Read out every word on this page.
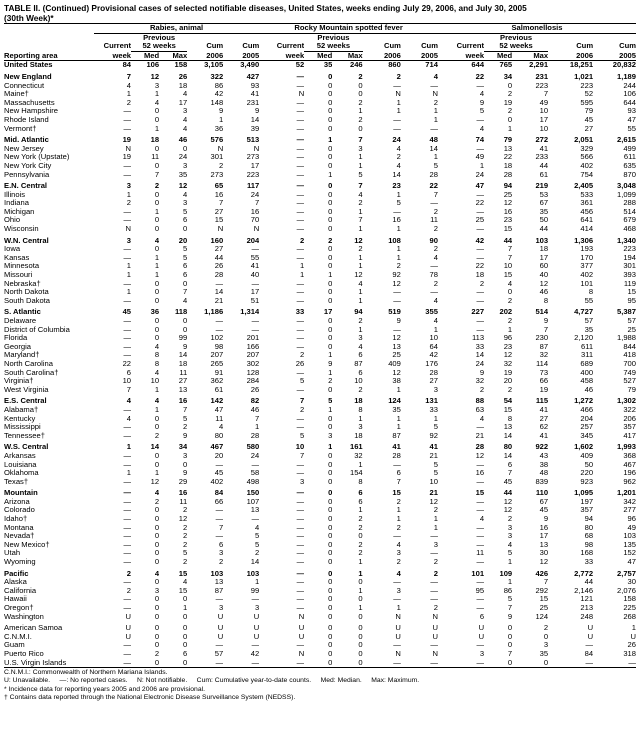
TABLE II. (Continued) Provisional cases of selected notifiable diseases, United States, weeks ending July 29, 2006, and July 30, 2005
(30th Week)*
	Rabies, animal					Rocky Mountain spotted fever					Salmonellosis				
		Previous					Previous					Previous			
	Current	52 weeks		Cum	Cum	Current	52 weeks		Cum	Cum	Current	52 weeks		Cum	Cum
Reporting area	week	Med	Max	2006	2005	week	Med	Max	2006	2005	week	Med	Max	2006	2005
United States	84	106	158	3,105	3,490	52	35	246	860	714	644	765	2,291	18,251	20,832
New England	7	12	26	322	427	—	0	2	2	4	22	34	231	1,021	1,189
Connecticut	4	3	18	86	93	—	0	0	—	—	—	0	223	223	244
Maine†	1	1	4	42	41	N	0	0	N	N	4	2	7	52	106
Massachusetts	2	4	17	148	231	—	0	2	1	2	9	19	49	595	644
New Hampshire	—	0	3	9	9	—	0	1	1	1	5	2	10	79	93
Rhode Island	—	0	4	1	14	—	0	2	—	1	—	0	17	45	47
Vermont†	—	1	4	36	39	—	0	0	—	—	4	1	10	27	55
Mid. Atlantic	19	18	46	576	513	—	1	7	24	48	74	79	272	2,051	2,615
New Jersey	N	0	0	N	N	—	0	3	4	14	—	13	41	329	499
New York (Upstate)	19	11	24	301	273	—	0	1	2	1	49	22	233	566	611
New York City	—	0	3	2	17	—	0	1	4	5	1	18	44	402	635
Pennsylvania	—	7	35	273	223	—	1	5	14	28	24	28	61	754	870
E.N. Central	3	2	12	65	117	—	0	7	23	22	47	94	219	2,405	3,048
Illinois	1	0	4	16	24	—	0	4	1	7	—	25	53	533	1,099
Indiana	2	0	3	7	7	—	0	2	5	—	22	12	67	361	288
Michigan	—	1	5	27	16	—	0	1	—	2	—	16	35	456	514
Ohio	—	0	6	15	70	—	0	7	16	11	25	23	50	641	679
Wisconsin	N	0	0	N	N	—	0	1	1	2	—	15	44	414	468
W.N. Central	3	4	20	160	204	2	2	12	108	90	42	44	103	1,306	1,340
Iowa	—	0	5	27	—	—	0	2	1	2	—	7	18	193	223
Kansas	—	1	5	44	55	—	0	1	1	4	—	7	17	170	194
Minnesota	1	1	6	26	41	1	0	1	2	—	22	10	60	377	301
Missouri	1	1	6	28	40	1	1	12	92	78	18	15	40	402	393
Nebraska†	—	0	0	—	—	—	0	4	12	2	2	4	12	101	119
North Dakota	1	0	7	14	17	—	0	1	—	—	—	0	46	8	15
South Dakota	—	0	4	21	51	—	0	1	—	4	—	2	8	55	95
S. Atlantic	45	36	118	1,186	1,314	33	17	94	519	355	227	202	514	4,727	5,387
Delaware	—	0	0	—	—	—	0	2	9	4	—	2	9	57	57
District of Columbia	—	0	0	—	—	—	0	1	—	1	—	1	7	35	25
Florida	—	0	99	102	201	—	0	3	12	10	113	96	230	2,120	1,988
Georgia	—	4	9	98	166	—	0	4	13	64	33	23	87	611	844
Maryland†	—	8	14	207	207	2	1	6	25	42	14	12	32	311	418
North Carolina	22	8	18	265	302	26	9	87	409	176	24	32	114	689	700
South Carolina†	6	4	11	91	128	—	1	6	12	28	9	19	73	400	749
Virginia†	10	10	27	362	284	5	2	10	38	27	32	20	66	458	527
West Virginia	7	1	13	61	26	—	0	2	1	3	2	2	19	46	79
E.S. Central	4	4	16	142	82	7	5	18	124	131	88	54	115	1,272	1,302
Alabama†	—	1	7	47	46	2	1	8	35	33	63	15	41	466	322
Kentucky	4	0	5	11	7	—	0	1	1	1	4	8	27	204	206
Mississippi	—	0	2	4	1	—	0	3	1	5	—	13	62	257	357
Tennessee†	—	2	9	80	28	5	3	18	87	92	21	14	41	345	417
W.S. Central	1	14	34	467	580	10	1	161	41	41	28	80	922	1,602	1,993
Arkansas	—	0	3	20	24	7	0	32	28	21	12	14	43	409	368
Louisiana	—	0	0	—	—	—	0	1	—	5	—	6	38	50	467
Oklahoma	1	1	9	45	58	—	0	154	6	5	16	7	48	220	196
Texas†	—	12	29	402	498	3	0	8	7	10	—	45	839	923	962
Mountain	—	4	16	84	150	—	0	6	15	21	15	44	110	1,095	1,201
Arizona	—	2	11	66	107	—	0	6	2	12	—	12	67	197	342
Colorado	—	0	2	—	13	—	0	1	1	2	—	12	45	357	277
Idaho†	—	0	12	—	—	—	0	2	1	1	4	2	9	94	96
Montana	—	0	2	7	4	—	0	2	2	1	—	3	16	80	49
Nevada†	—	0	2	—	5	—	0	0	—	—	—	3	17	68	103
New Mexico†	—	0	2	6	5	—	0	2	4	3	—	4	13	98	135
Utah	—	0	5	3	2	—	0	2	3	—	11	5	30	168	152
Wyoming	—	0	2	2	14	—	0	1	2	2	—	1	12	33	47
Pacific	2	4	15	103	103	—	0	1	4	2	101	109	426	2,772	2,757
Alaska	—	0	4	13	1	—	0	0	—	—	—	1	7	44	30
California	2	3	15	87	99	—	0	1	3	—	95	86	292	2,146	2,076
Hawaii	—	0	0	—	—	—	0	0	—	—	—	5	15	121	158
Oregon†	—	0	1	3	3	—	0	1	1	2	—	7	25	213	225
Washington	U	0	0	U	U	N	0	0	N	N	6	9	124	248	268
American Samoa	U	0	0	U	U	U	0	0	U	U	U	0	2	U	1
C.N.M.I.	U	0	0	U	U	U	0	0	U	U	U	0	0	U	U
Guam	—	0	0	—	—	—	0	0	—	—	—	0	3	—	26
Puerto Rico	—	2	6	57	42	N	0	0	N	N	3	7	35	84	318
U.S. Virgin Islands	—	0	0	—	—	—	0	0	—	—	—	0	0	—	—
C.N.M.I.: Commonwealth of Northern Mariana Islands.
U: Unavailable.     —: No reported cases.     N: Not notifiable.     Cum: Cumulative year-to-date counts.     Med: Median.     Max: Maximum.
* Incidence data for reporting years 2005 and 2006 are provisional.
† Contains data reported through the National Electronic Disease Surveillance System (NEDSS).
